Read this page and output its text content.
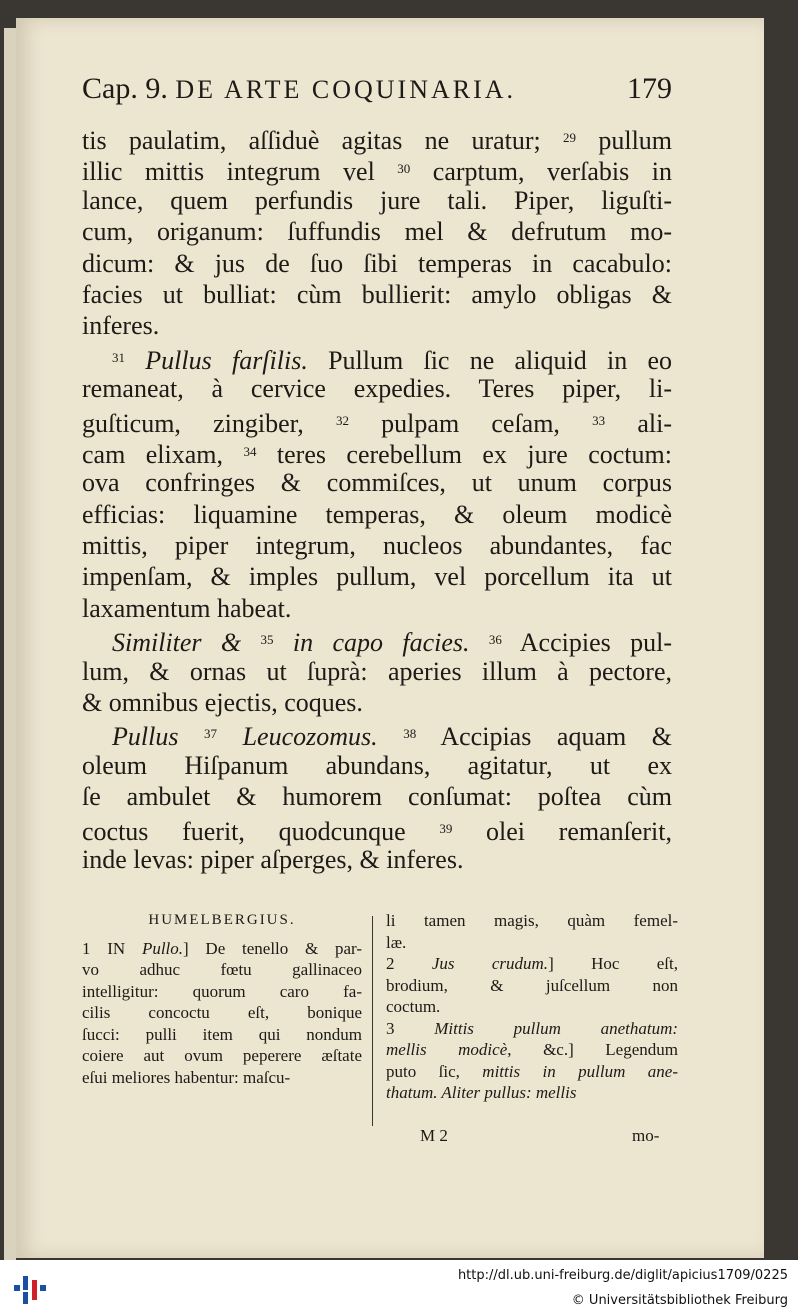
Cap. 9. DE ARTE COQUINARIA.	179
tis paulatim, aſſiduè agitas ne uratur; $^{29}$ pullum
illic mittis integrum vel $^{30}$ carptum, verſabis in
lance, quem perfundis jure tali. Piper, liguſti-
cum, origanum: ſuffundis mel & defrutum mo-
dicum: & jus de ſuo ſibi temperas in cacabulo:
facies ut bulliat: cùm bullierit: amylo obligas &
inferes.
$^{31}$ Pullus farſilis. Pullum ſic ne aliquid in eo
remaneat, à cervice expedies. Teres piper, li-
guſticum, zingiber, $^{32}$ pulpam ceſam, $^{33}$ ali-
cam elixam, $^{34}$ teres cerebellum ex jure coctum:
ova confringes & commiſces, ut unum corpus
efficias: liquamine temperas, & oleum modicè
mittis, piper integrum, nucleos abundantes, fac
impenſam, & imples pullum, vel porcellum ita ut
laxamentum habeat.
Similiter & $^{35}$ in capo facies. $^{36}$ Accipies pul-
lum, & ornas ut ſuprà: aperies illum à pectore,
& omnibus ejectis, coques.
Pullus $^{37}$ Leucozomus. $^{38}$ Accipias aquam &
oleum Hiſpanum abundans, agitatur, ut ex
ſe ambulet & humorem conſumat: poſtea cùm
coctus fuerit, quodcunque $^{39}$ olei remanſerit,
inde levas: piper aſperges, & inferes.
HUMELBERGIUS.
1 IN Pullo.] De tenello & par-
vo adhuc fœtu gallinaceo
intelligitur: quorum caro fa-
cilis concoctu eſt, bonique
ſucci: pulli item qui nondum
coiere aut ovum peperere æſtate
eſui meliores habentur: maſcu-
li tamen magis, quàm femel-
læ.
2 Jus crudum.] Hoc eſt,
brodium, & juſcellum non
coctum.
3 Mittis pullum anethatum:
mellis modicè, &c.] Legendum
puto ſic, mittis in pullum ane-
thatum. Aliter pullus: mellis
M 2	mo-
http://dl.ub.uni-freiburg.de/diglit/apicius1709/0225
© Universitätsbibliothek Freiburg
